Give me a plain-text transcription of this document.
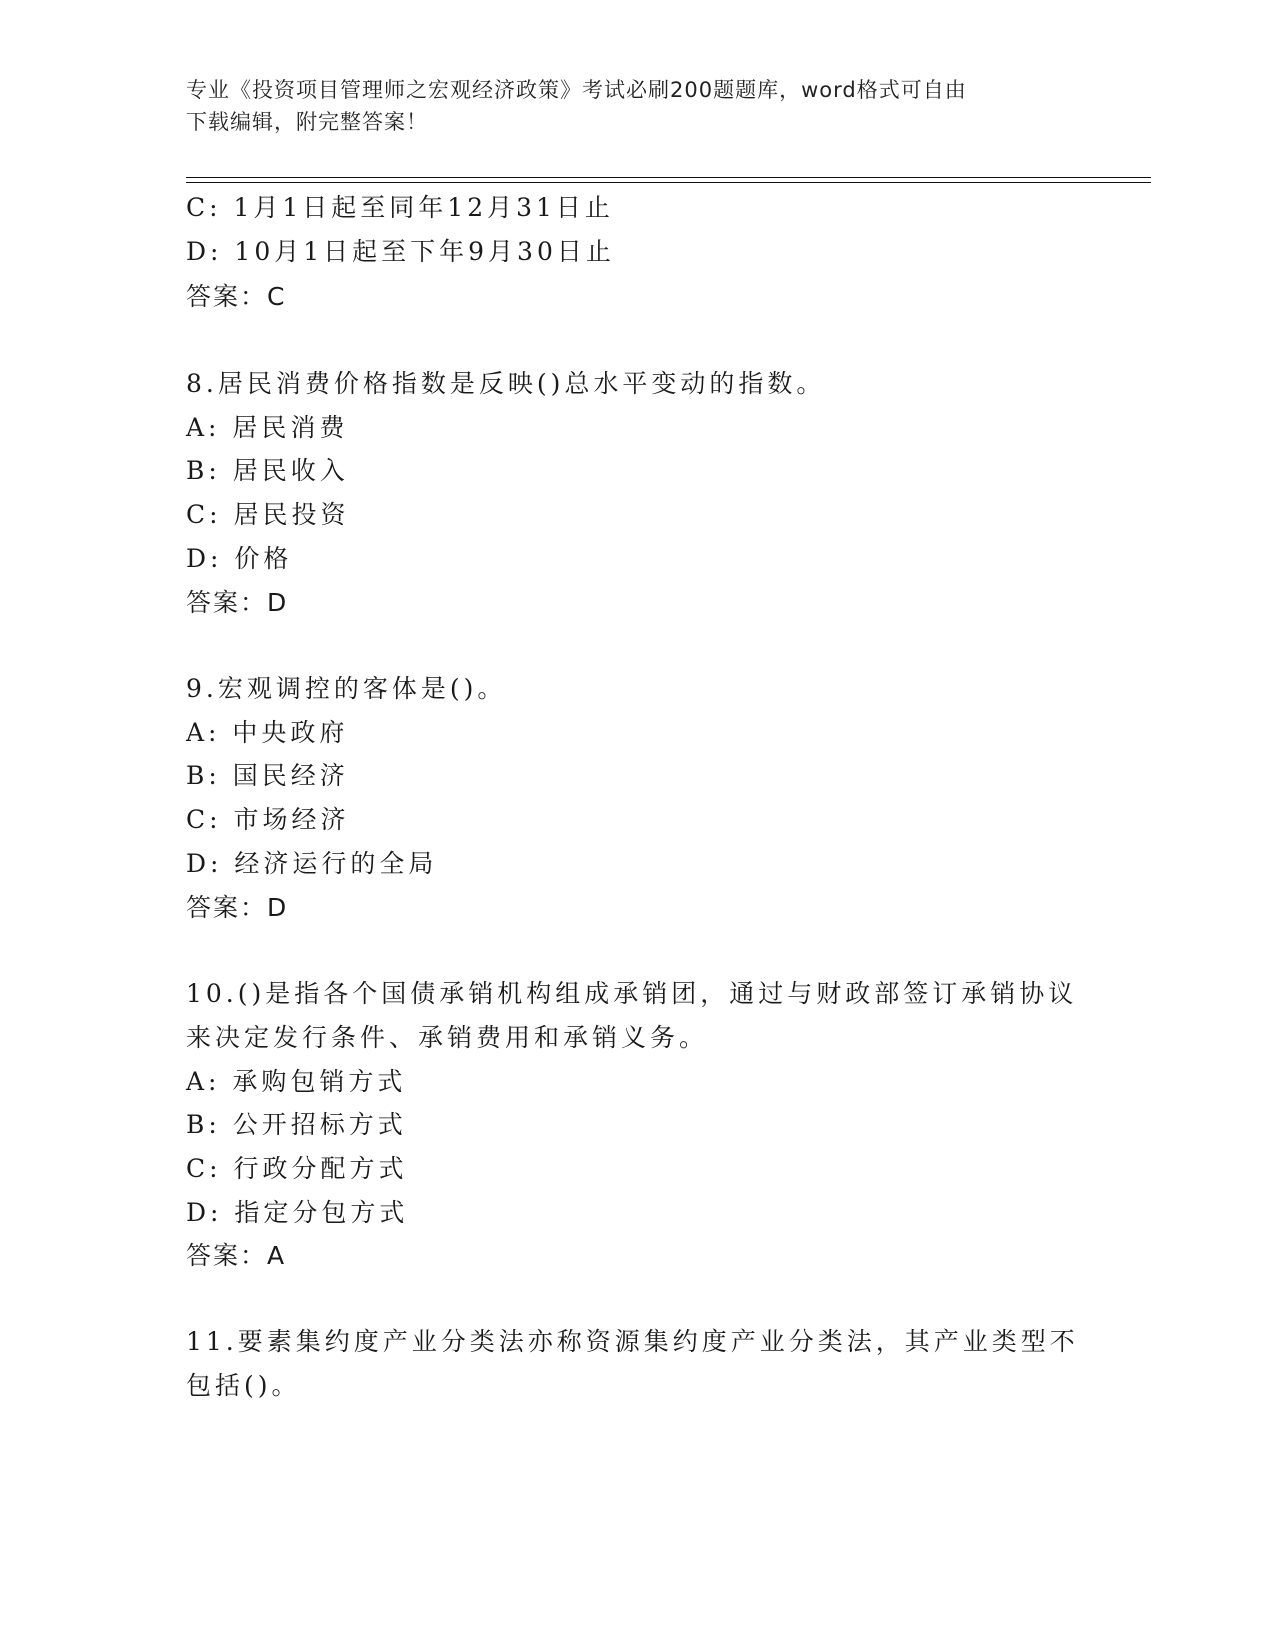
专业《投资项目管理师之宏观经济政策》考试必刷200题题库，word格式可自由
下载编辑，附完整答案！
C: 1月1日起至同年12月31日止
D: 10月1日起至下年9月30日止
答案：C
8.居民消费价格指数是反映()总水平变动的指数。
A: 居民消费
B: 居民收入
C: 居民投资
D: 价格
答案：D
9.宏观调控的客体是()。
A: 中央政府
B: 国民经济
C: 市场经济
D: 经济运行的全局
答案：D
10.()是指各个国债承销机构组成承销团，通过与财政部签订承销协议
来决定发行条件、承销费用和承销义务。
A: 承购包销方式
B: 公开招标方式
C: 行政分配方式
D: 指定分包方式
答案：A
11.要素集约度产业分类法亦称资源集约度产业分类法，其产业类型不
包括()。
